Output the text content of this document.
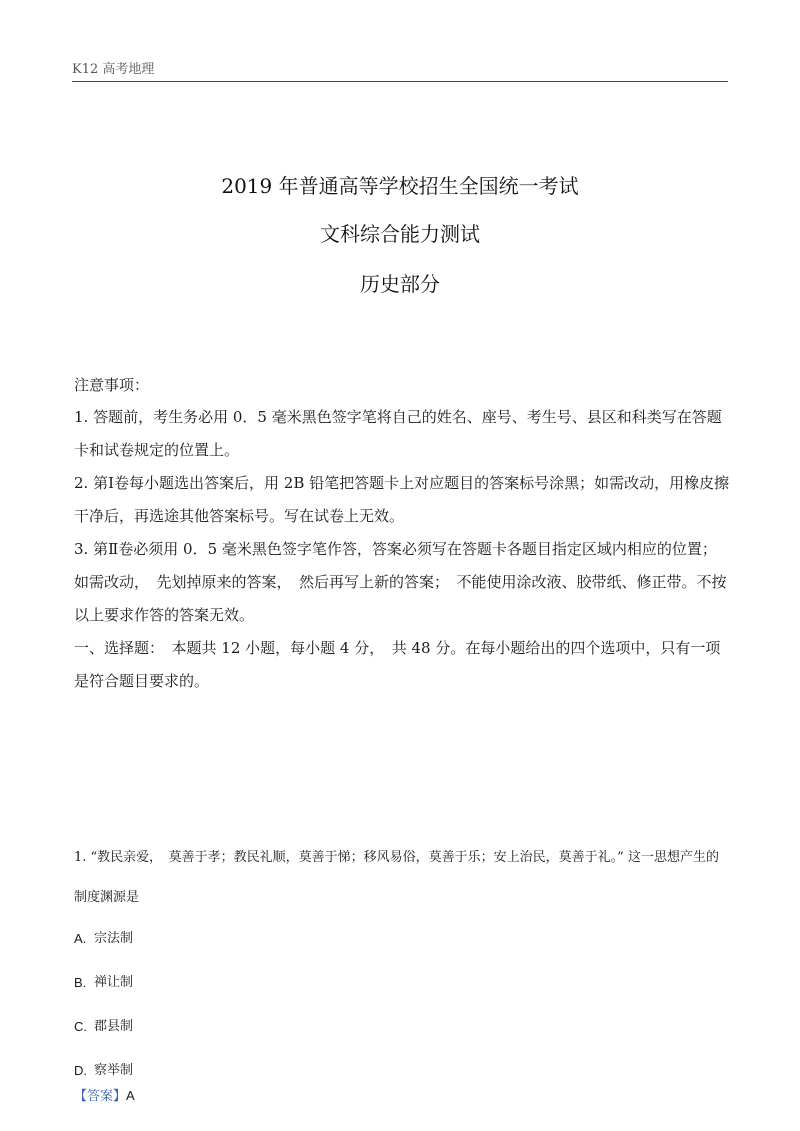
K12 高考地理
2019 年普通高等学校招生全国统一考试
文科综合能力测试
历史部分

注意事项：

1. 答题前，考生务必用 0．5 毫米黑色签字笔将自己的姓名、座号、考生号、县区和科类写在答题卡和试卷规定的位置上。

2. 第Ⅰ卷每小题选出答案后，用 2B 铅笔把答题卡上对应题目的答案标号涂黑；如需改动，用橡皮擦干净后，再选途其他答案标号。写在试卷上无效。

3. 第Ⅱ卷必须用 0．5 毫米黑色签字笔作答，答案必须写在答题卡各题目指定区域内相应的位置；如需改动，　先划掉原来的答案，　然后再写上新的答案；　不能使用涂改液、胶带纸、修正带。不按以上要求作答的答案无效。

一、选择题：　本题共 12 小题，每小题 4 分，　共 48 分。在每小题给出的四个选项中，只有一项是符合题目要求的。

1. “教民亲爱，　莫善于孝；教民礼顺，莫善于悌；移风易俗，莫善于乐；安上治民，莫善于礼。” 这一思想产生的制度渊源是

A. 宗法制
B. 禅让制
C. 郡县制
D. 察举制
【答案】A
